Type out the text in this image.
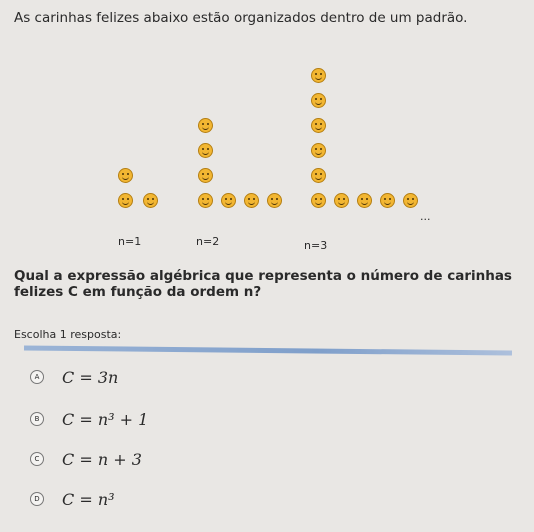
As carinhas felizes abaixo estão organizados dentro de um padrão.

...
n=1	n=2	n=3

Qual a expressão algébrica que representa o número de carinhas felizes C em função da ordem n?

Escolha 1 resposta:

A C = 3n
B C = n³ + 1
C C = n + 3
D C = n³
